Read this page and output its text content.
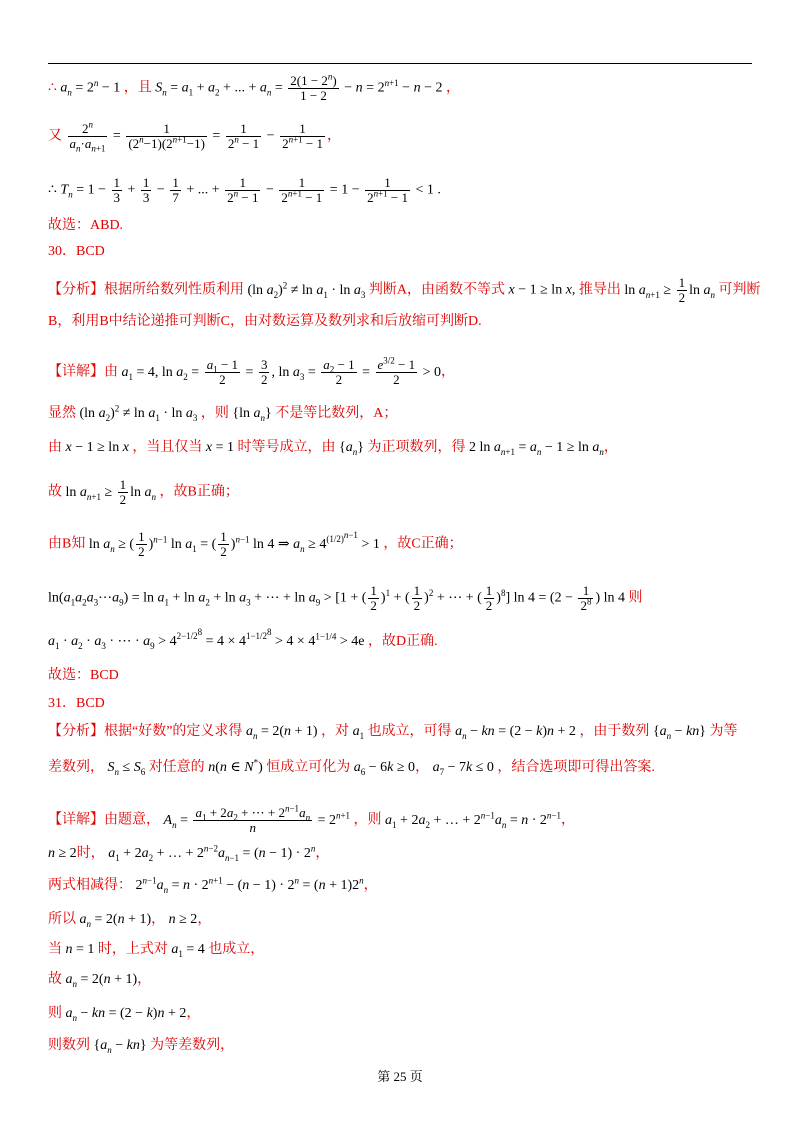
∴ $a_n = 2^n - 1$ ，且 $S_n = a_1 + a_2$ + ... + $a_n = \frac{2(1 - 2^n)}{1 - 2} - n = 2^{n+1} - n - 2$ ，
又 $\frac{2^n}{a_n\cdot a_{n+1}} = \frac{1}{(2^n-1)(2^{n+1}-1)} = \frac{1}{2^n - 1} - \frac{1}{2^{n+1} - 1}$ ，
∴ $T_n = 1 - \frac{1}{3} + \frac{1}{3} - \frac{1}{7}$ + ... + $\frac{1}{2^n - 1} - \frac{1}{2^{n+1} - 1} = 1 - \frac{1}{2^{n+1} - 1} < 1$ .
故选：ABD.
30．BCD
【分析】根据所给数列性质利用 (ln $a_2)^2 \ne \ln a_1 \cdot \ln a_3$ 判断A，由函数不等式 x − 1 ≥ ln x, 推导出 $\ln a_{n+1} \ge \frac{1}{2}$ $\ln a_n$ 可判断
B，利用B中结论递推可判断C，由对数运算及数列求和后放缩可判断D.
【详解】由 $a_1 = 4$, $\ln a_2 = \frac{a_1 - 1}{2} = \frac{3}{2}$ , $\ln a_3 = \frac{a_2 - 1}{2} = \frac{e^{3/2} - 1}{2} > 0$，
显然 (ln $a_2)^2 \ne \ln a_1 \cdot \ln a_3$ ，则 {ln $a_n$} 不是等比数列，A；
由 x − 1 ≥ ln x ，当且仅当 x = 1 时等号成立，由 $\{a_n\}$ 为正项数列，得 2 $\ln a_{n+1} = a_n - 1 \ge \ln a_n$，
故 $\ln a_{n+1} \ge \frac{1}{2}$ $\ln a_n$ ，故B正确；
由B知 $\ln a_n$ ≥ ( $\frac{1}{2} )^{n-1}$ $\ln a_1$ = ( $\frac{1}{2} )^{n-1}$ ln 4 ⇒ $a_n \ge 4^{(1/2)^{n-1}} > 1$ ，故C正确；
$\ln(a_1a_2a_3\cdots a_9) = \ln a_1 + \ln a_2 + \ln a_3$ + ⋯ + $\ln a_9 > [1$ + ( $\frac{1}{2} )^1$ + ( $\frac{1}{2} )^2$ + ⋯ + ( $\frac{1}{2} )^8$] $\ln 4 = (2 - \frac{1}{2^8}$ ) ln 4 则
$a_1 \cdot a_2 \cdot a_3$ · ⋯ · $a_9 > 4^{2-1/2^8} = 4 \times 4^{1-1/2^8} > 4 \times 4^{1-1/4} > 4e$ ，故D正确.
故选：BCD
31．BCD
【分析】根据“好数”的定义求得 $a_n = 2(n + 1)$ ，对 $a_1$ 也成立，可得 $a_n$ − kn = (2 − k)n + 2 ，由于数列 $\{a_n - kn\}$ 为等
差数列， $S_n \le S_6$ 对任意的 n(n ∈ N*) 恒成立可化为 $a_6 - 6k \ge 0$， $a_7 - 7k \le 0$ ，结合选项即可得出答案.
【详解】由题意， $A_n = \frac{a_1 + 2a_2 + \cdots + 2^{n-1}a_n}{n} = 2^{n+1}$ ，则 $a_1 + 2a_2$ + … + $2^{n-1}a_n = n \cdot 2^{n-1}$，
n ≥ 2时， $a_1 + 2a_2$ + … + $2^{n-2}a_{n-1} = (n - 1) \cdot 2^n$，
两式相减得： $2^{n-1}a_n = n \cdot 2^{n+1} - (n - 1) \cdot 2^n = (n + 1)2^n$，
所以 $a_n = 2(n + 1)$， n ≥ 2，
当 n = 1 时，上式对 $a_1 = 4$ 也成立，
故 $a_n = 2(n + 1)$，
则 $a_n$ − kn = (2 − k)n + 2，
则数列 $\{a_n - kn\}$ 为等差数列，
第 25 页
